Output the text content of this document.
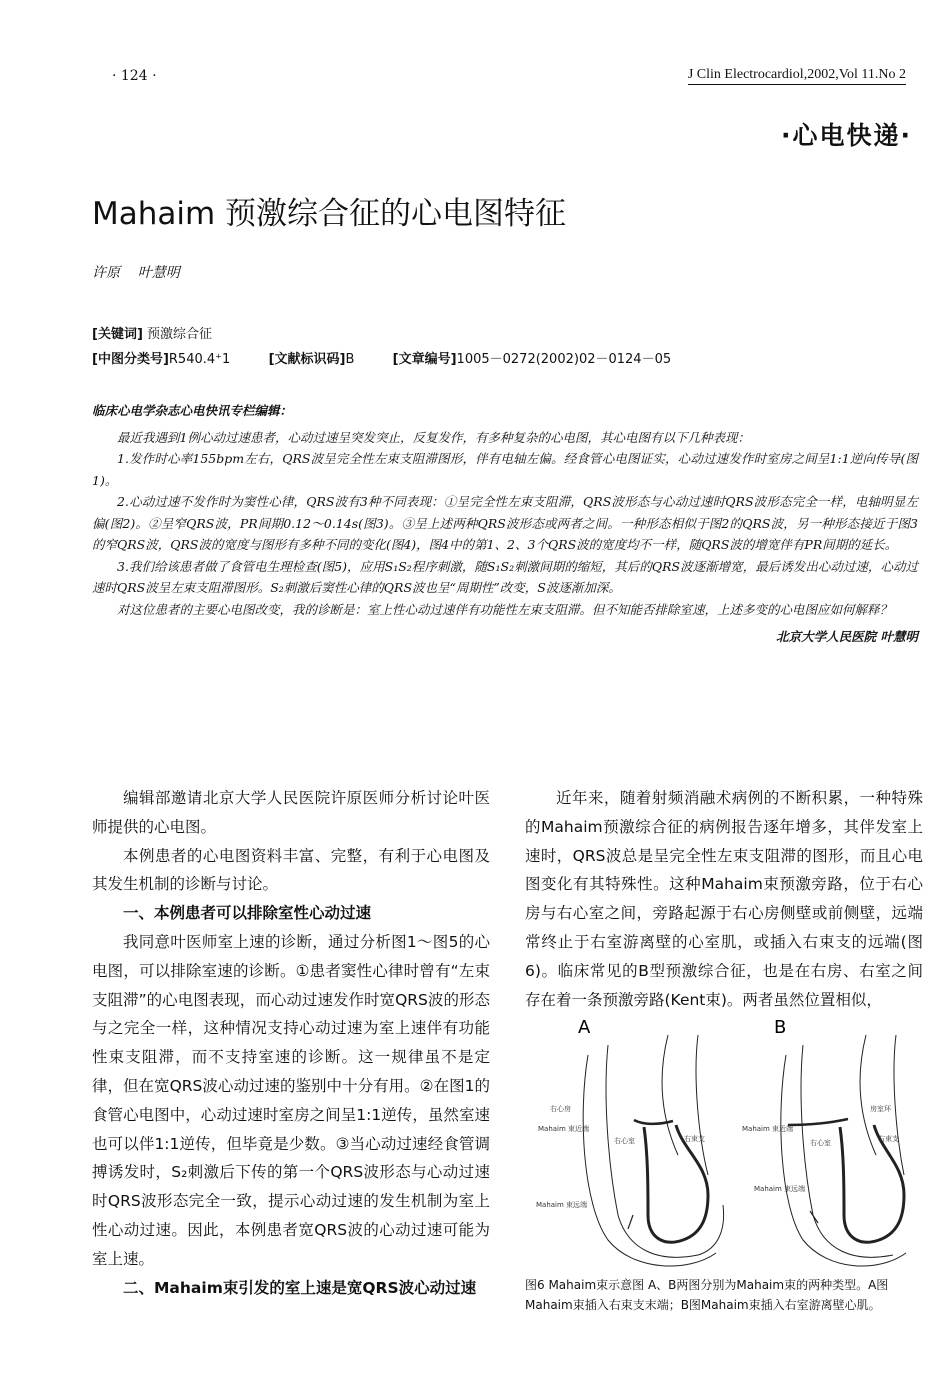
· 124 ·	J Clin Electrocardiol,2002,Vol 11.No 2
·心电快递·
Mahaim 预激综合征的心电图特征
许原    叶慧明
[关键词] 预激综合征
[中图分类号]R540.4⁺1	[文献标识码]B	[文章编号]1005－0272(2002)02－0124－05

临床心电学杂志心电快讯专栏编辑：

最近我遇到1例心动过速患者，心动过速呈突发突止，反复发作，有多种复杂的心电图，其心电图有以下几种表现：

1.发作时心率155bpm左右，QRS波呈完全性左束支阻滞图形，伴有电轴左偏。经食管心电图证实，心动过速发作时室房之间呈1:1逆向传导(图1)。

2.心动过速不发作时为窦性心律，QRS波有3种不同表现：①呈完全性左束支阻滞，QRS波形态与心动过速时QRS波形态完全一样，电轴明显左偏(图2)。②呈窄QRS波，PR间期0.12～0.14s(图3)。③呈上述两种QRS波形态或两者之间。一种形态相似于图2的QRS波，另一种形态接近于图3的窄QRS波，QRS波的宽度与图形有多种不同的变化(图4)，图4中的第1、2、3个QRS波的宽度均不一样，随QRS波的增宽伴有PR间期的延长。

3.我们给该患者做了食管电生理检查(图5)，应用S₁S₂程序刺激，随S₁S₂刺激间期的缩短，其后的QRS波逐渐增宽，最后诱发出心动过速，心动过速时QRS波呈左束支阻滞图形。S₂刺激后窦性心律的QRS波也呈“周期性”改变，S波逐渐加深。

对这位患者的主要心电图改变，我的诊断是：室上性心动过速伴有功能性左束支阻滞。但不知能否排除室速，上述多变的心电图应如何解释？

北京大学人民医院 叶慧明

编辑部邀请北京大学人民医院许原医师分析讨论叶医师提供的心电图。

本例患者的心电图资料丰富、完整，有利于心电图及其发生机制的诊断与讨论。

一、本例患者可以排除室性心动过速

我同意叶医师室上速的诊断，通过分析图1～图5的心电图，可以排除室速的诊断。①患者窦性心律时曾有“左束支阻滞”的心电图表现，而心动过速发作时宽QRS波的形态与之完全一样，这种情况支持心动过速为室上速伴有功能性束支阻滞，而不支持室速的诊断。这一规律虽不是定律，但在宽QRS波心动过速的鉴别中十分有用。②在图1的食管心电图中，心动过速时室房之间呈1:1逆传，虽然室速也可以伴1:1逆传，但毕竟是少数。③当心动过速经食管调搏诱发时，S₂刺激后下传的第一个QRS波形态与心动过速时QRS波形态完全一致，提示心动过速的发生机制为室上性心动过速。因此，本例患者宽QRS波的心动过速可能为室上速。

二、Mahaim束引发的室上速是宽QRS波心动过速

近年来，随着射频消融术病例的不断积累，一种特殊的Mahaim预激综合征的病例报告逐年增多，其伴发室上速时，QRS波总是呈完全性左束支阻滞的图形，而且心电图变化有其特殊性。这种Mahaim束预激旁路，位于右心房与右心室之间，旁路起源于右心房侧壁或前侧壁，远端常终止于右室游离壁的心室肌，或插入右束支的远端(图6)。临床常见的B型预激综合征，也是在右房、右室之间存在着一条预激旁路(Kent束)。两者虽然位置相似，

A	B
右心房
Mahaim 束近端
右心室	右束支
Mahaim 束远端
Mahaim 束近端
右心室
房室环
右束支
Mahaim 束远端
图6 Mahaim束示意图 A、B两图分别为Mahaim束的两种类型。A图Mahaim束插入右束支末端；B图Mahaim束插入右室游离壁心肌。
